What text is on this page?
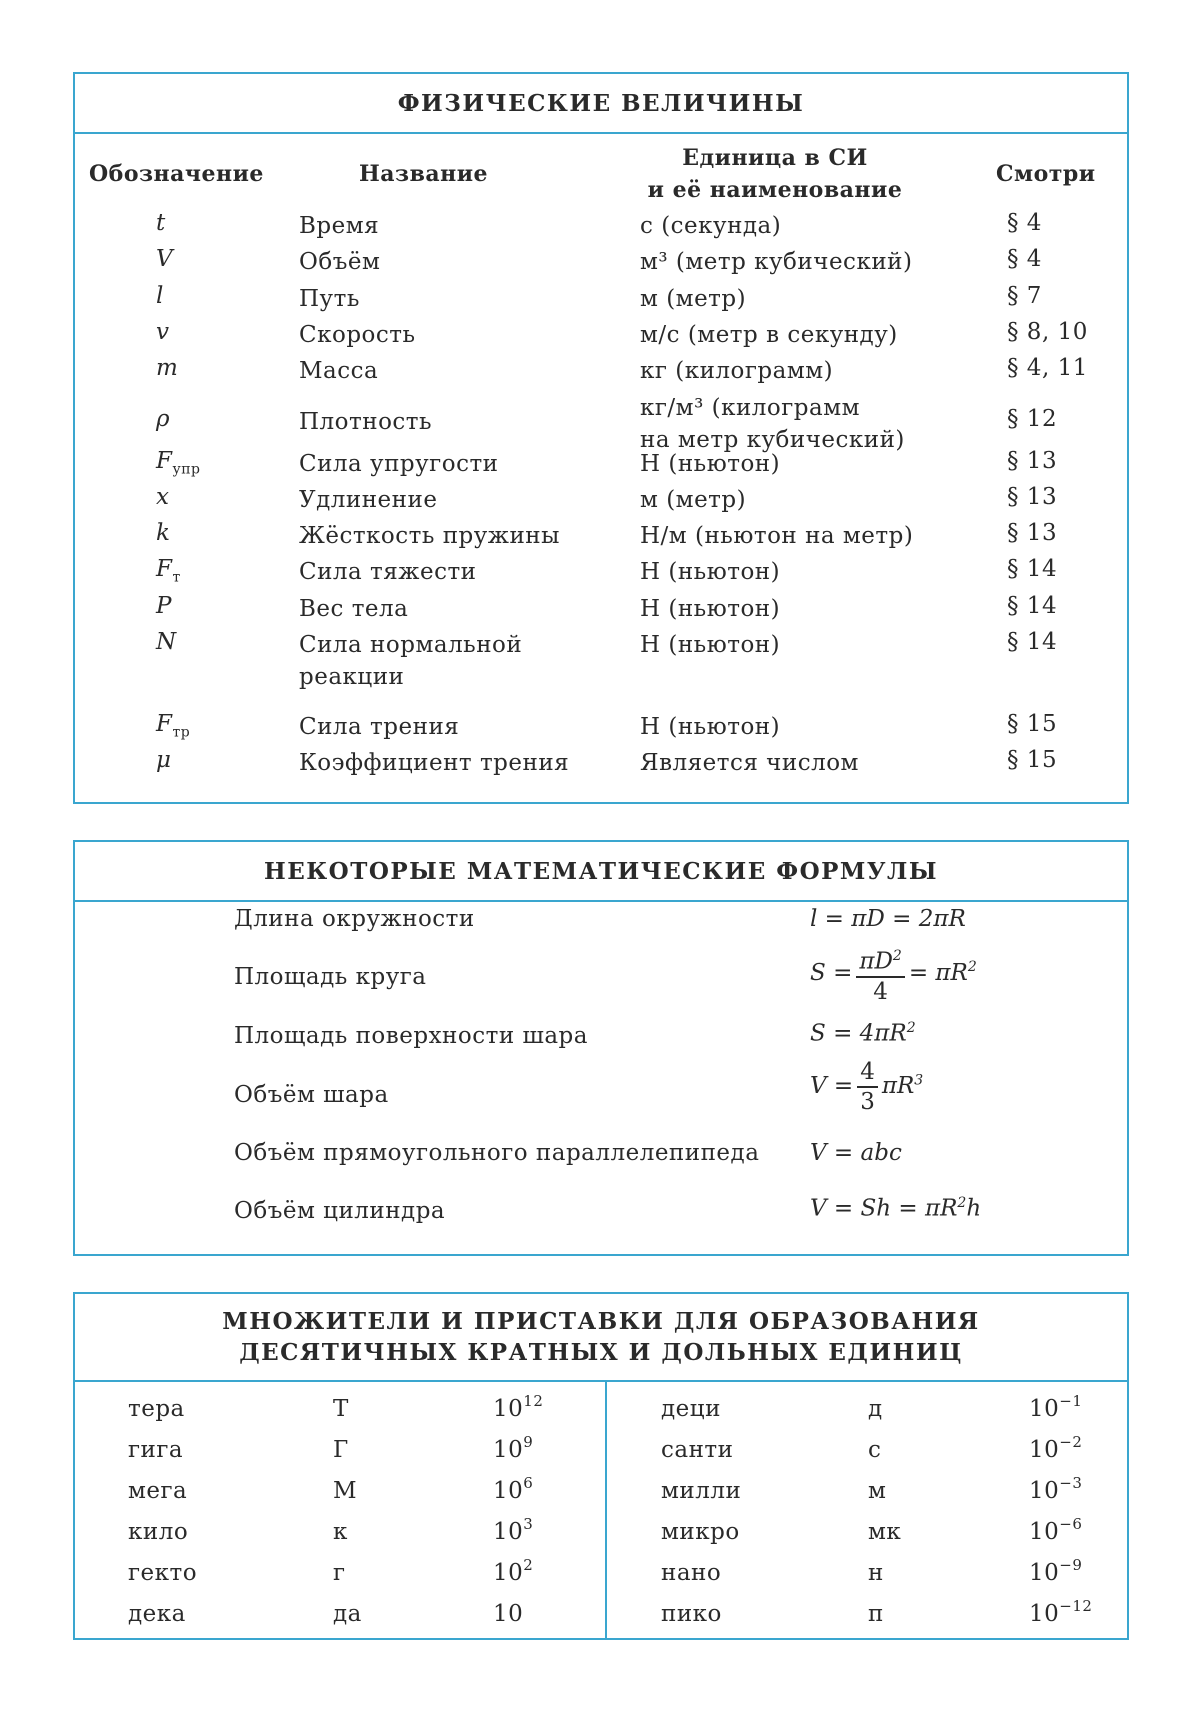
ФИЗИЧЕСКИЕ ВЕЛИЧИНЫ
Обозначение	Название
Единица в СИ
и её наименование
Смотри
t	Время	с (секунда)	§ 4
V	Объём	м³ (метр кубический)	§ 4
l	Путь	м (метр)	§ 7
v	Скорость	м/с (метр в секунду)	§ 8, 10
m	Масса	кг (килограмм)	§ 4, 11
ρ	Плотность
кг/м³ (килограмм
на метр кубический)
§ 12
Fупр	Сила упругости	Н (ньютон)	§ 13
x	Удлинение	м (метр)	§ 13
k	Жёсткость пружины	Н/м (ньютон на метр)	§ 13
Fт	Сила тяжести	Н (ньютон)	§ 14
P	Вес тела	Н (ньютон)	§ 14
N	Сила нормальной
реакции
Н (ньютон)	§ 14
Fтр	Сила трения	Н (ньютон)	§ 15
μ	Коэффициент трения	Является числом	§ 15
НЕКОТОРЫЕ МАТЕМАТИЧЕСКИЕ ФОРМУЛЫ
Длина окружности	l = πD = 2πR
Площадь круга	S = πD2
4
= πR2
Площадь поверхности шара	S = 4πR2
Объём шара	V =
4
3
πR3
Объём прямоугольного параллелепипеда V = abc
Объём цилиндра	V = Sh = πR2h
МНОЖИТЕЛИ И ПРИСТАВКИ ДЛЯ ОБРАЗОВАНИЯ
ДЕСЯТИЧНЫХ КРАТНЫХ И ДОЛЬНЫХ ЕДИНИЦ
тера	Т	1012
гига	Г	109
мега	М	106
кило	к	103
гекто	г	102
дека	да	10
деци	д	10−1
санти	с	10−2
милли	м	10−3
микро	мк	10−6
нано	н	10−9
пико	п	10−12
